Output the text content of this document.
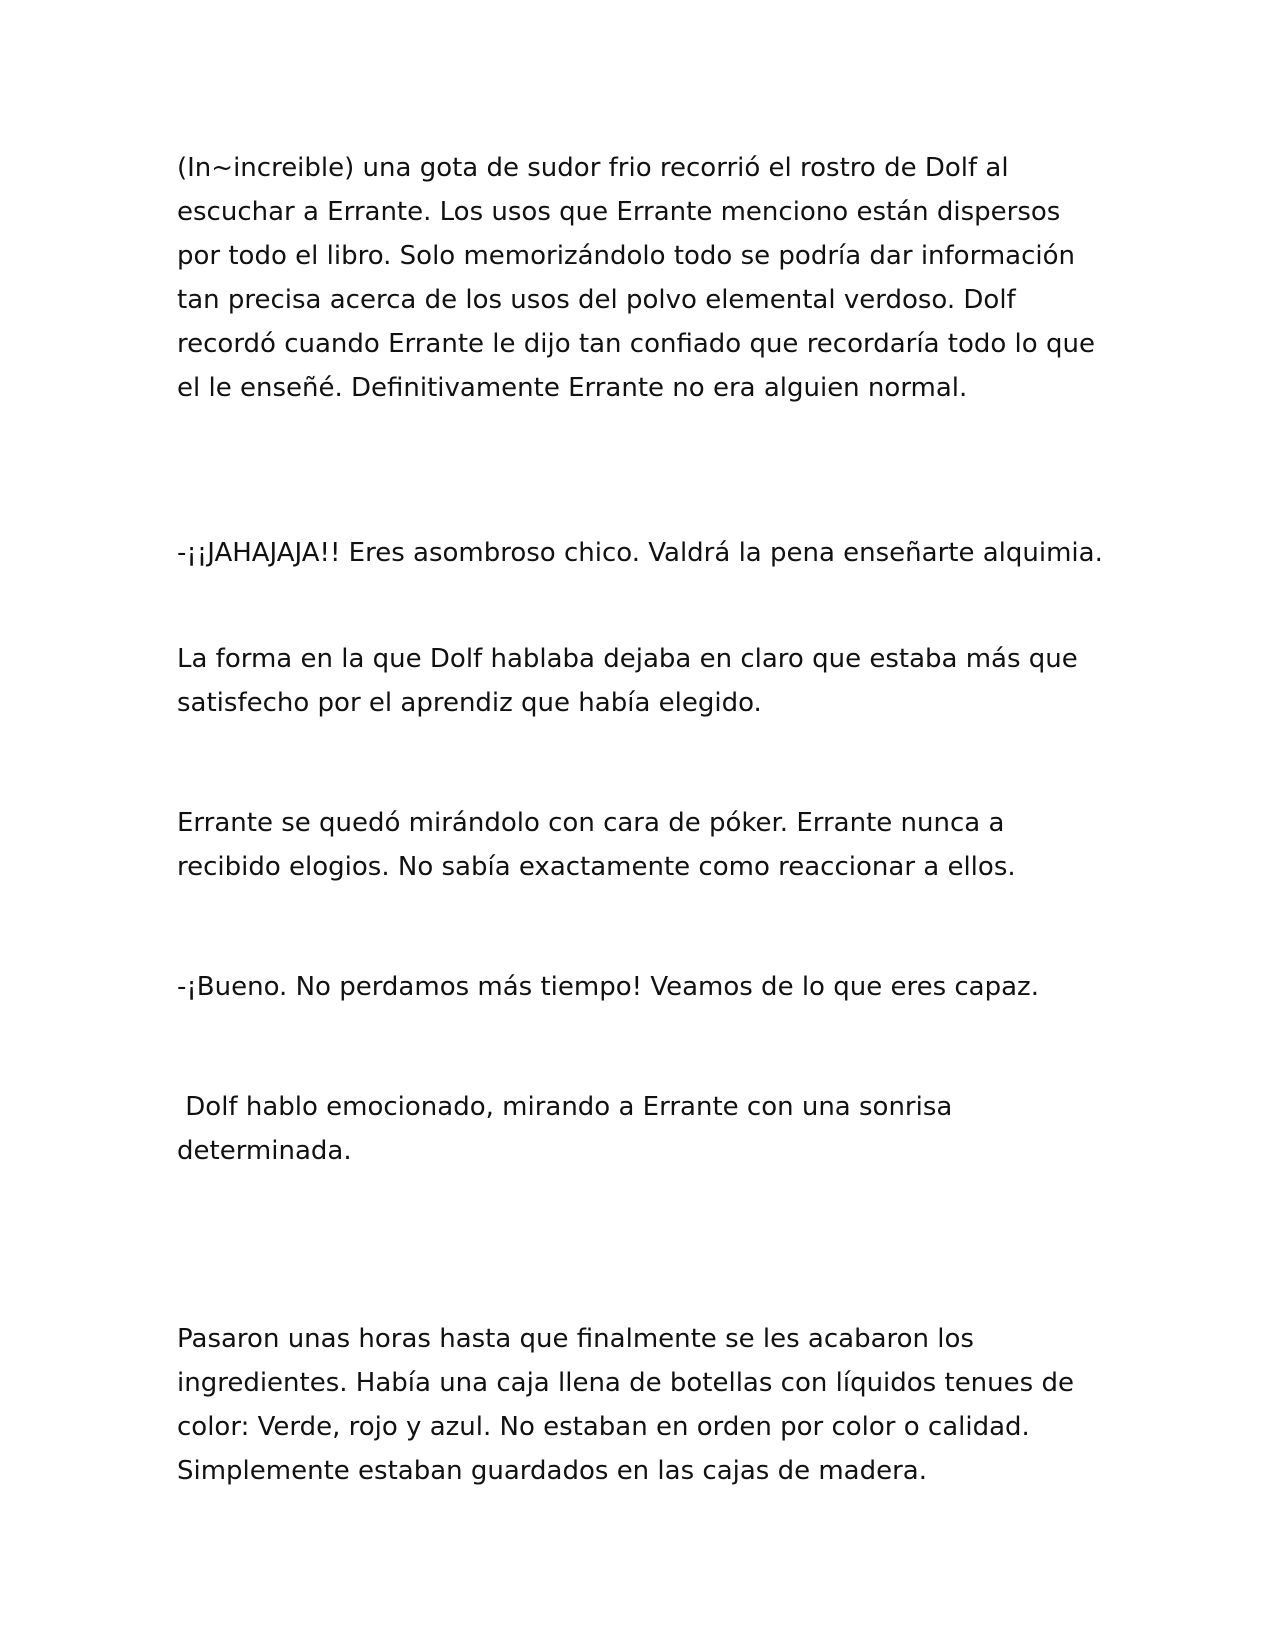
(In~increible) una gota de sudor frio recorrió el rostro de Dolf al escuchar a Errante. Los usos que Errante menciono están dispersos por todo el libro. Solo memorizándolo todo se podría dar información tan precisa acerca de los usos del polvo elemental verdoso. Dolf recordó cuando Errante le dijo tan confiado que recordaría todo lo que el le enseñé. Definitivamente Errante no era alguien normal.

-¡¡JAHAJAJA!! Eres asombroso chico. Valdrá la pena enseñarte alquimia.

La forma en la que Dolf hablaba dejaba en claro que estaba más que satisfecho por el aprendiz que había elegido.

Errante se quedó mirándolo con cara de póker. Errante nunca a recibido elogios. No sabía exactamente como reaccionar a ellos.

-¡Bueno. No perdamos más tiempo! Veamos de lo que eres capaz.

Dolf hablo emocionado, mirando a Errante con una sonrisa determinada.

Pasaron unas horas hasta que finalmente se les acabaron los ingredientes. Había una caja llena de botellas con líquidos tenues de color: Verde, rojo y azul. No estaban en orden por color o calidad. Simplemente estaban guardados en las cajas de madera.
